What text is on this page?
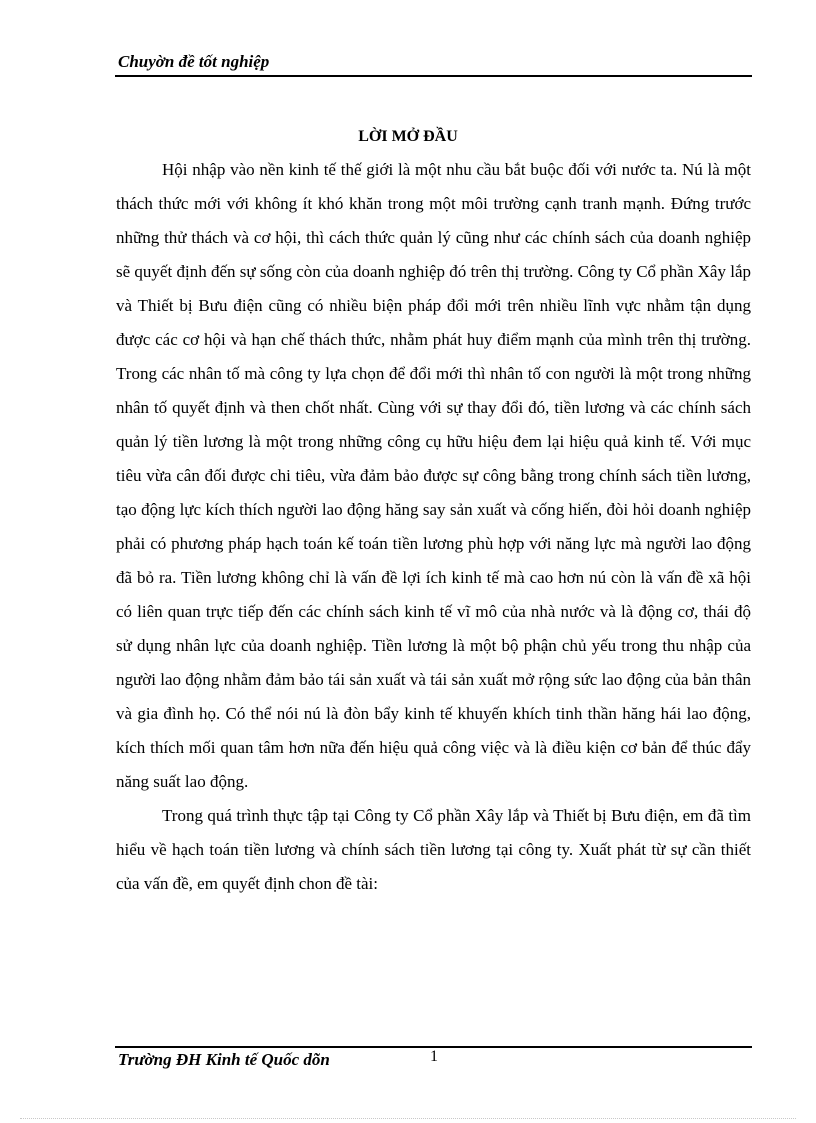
Chuyờn đề tốt nghiệp
LỜI MỞ ĐẦU

Hội nhập vào nền kinh tế thế giới là một nhu cầu bắt buộc đối với nước ta. Nú là một thách thức mới với không ít khó khăn trong một môi trường cạnh tranh mạnh. Đứng trước những thử thách và cơ hội, thì cách thức quản lý cũng như các chính sách của doanh nghiệp sẽ quyết định đến sự sống còn của doanh nghiệp đó trên thị trường. Công ty Cổ phần Xây lắp và Thiết bị Bưu điện cũng có nhiều biện pháp đổi mới trên nhiều lĩnh vực nhằm tận dụng được các cơ hội và hạn chế thách thức, nhằm phát huy điểm mạnh của mình trên thị trường. Trong các nhân tố mà công ty lựa chọn để đổi mới thì nhân tố con người là một trong những nhân tố quyết định và then chốt nhất. Cùng với sự thay đổi đó, tiền lương và các chính sách quản lý tiền lương là một trong những công cụ hữu hiệu đem lại hiệu quả kinh tế. Với mục tiêu vừa cân đối được chi tiêu, vừa đảm bảo được sự công bằng trong chính sách tiền lương, tạo động lực kích thích người lao động hăng say sản xuất và cống hiến, đòi hỏi doanh nghiệp phải có phương pháp hạch toán kế toán tiền lương phù hợp với năng lực mà người lao động đã bỏ ra. Tiền lương không chỉ là vấn đề lợi ích kinh tế mà cao hơn nú còn là vấn đề xã hội có liên quan trực tiếp đến các chính sách kinh tế vĩ mô của nhà nước và là động cơ, thái độ sử dụng nhân lực của doanh nghiệp. Tiền lương là một bộ phận chủ yếu trong thu nhập của người lao động nhằm đảm bảo tái sản xuất và tái sản xuất mở rộng sức lao động của bản thân và gia đình họ. Có thể nói nú là đòn bẩy kinh tế khuyến khích tinh thần hăng hái lao động, kích thích mối quan tâm hơn nữa đến hiệu quả công việc và là điều kiện cơ bản để thúc đẩy năng suất lao động.

Trong quá trình thực tập tại Công ty Cổ phần Xây lắp và Thiết bị Bưu điện, em đã tìm hiểu về hạch toán tiền lương và chính sách tiền lương tại công ty. Xuất phát từ sự cần thiết của vấn đề, em quyết định chon đề tài:

Trường ĐH Kinh tế Quốc dõn	1
